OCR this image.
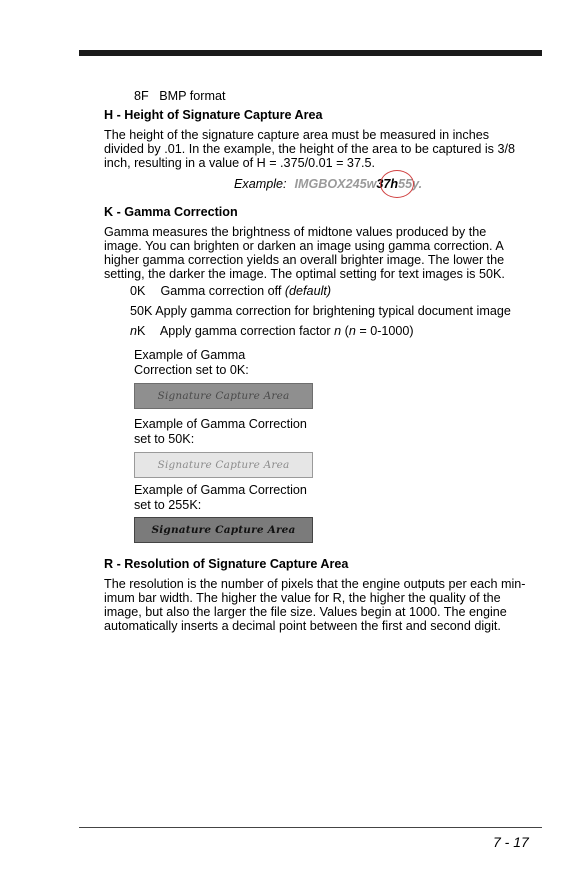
8F BMP format
H - Height of Signature Capture Area
The height of the signature capture area must be measured in inches
divided by .01. In the example, the height of the area to be captured is 3/8
inch, resulting in a value of H = .375/0.01 = 37.5.
Example: IMGBOX245w37h55y.
K - Gamma Correction
Gamma measures the brightness of midtone values produced by the
image. You can brighten or darken an image using gamma correction. A
higher gamma correction yields an overall brighter image. The lower the
setting, the darker the image. The optimal setting for text images is 50K.
0K Gamma correction off (default)
50K Apply gamma correction for brightening typical document image
nK Apply gamma correction factor n (n = 0-1000)
Example of Gamma
Correction set to 0K:
Signature Capture Area
Example of Gamma Correction
set to 50K:
Signature Capture Area
Example of Gamma Correction
set to 255K:
Signature Capture Area
R - Resolution of Signature Capture Area
The resolution is the number of pixels that the engine outputs per each min-
imum bar width. The higher the value for R, the higher the quality of the
image, but also the larger the file size. Values begin at 1000. The engine
automatically inserts a decimal point between the first and second digit.
7 - 17
